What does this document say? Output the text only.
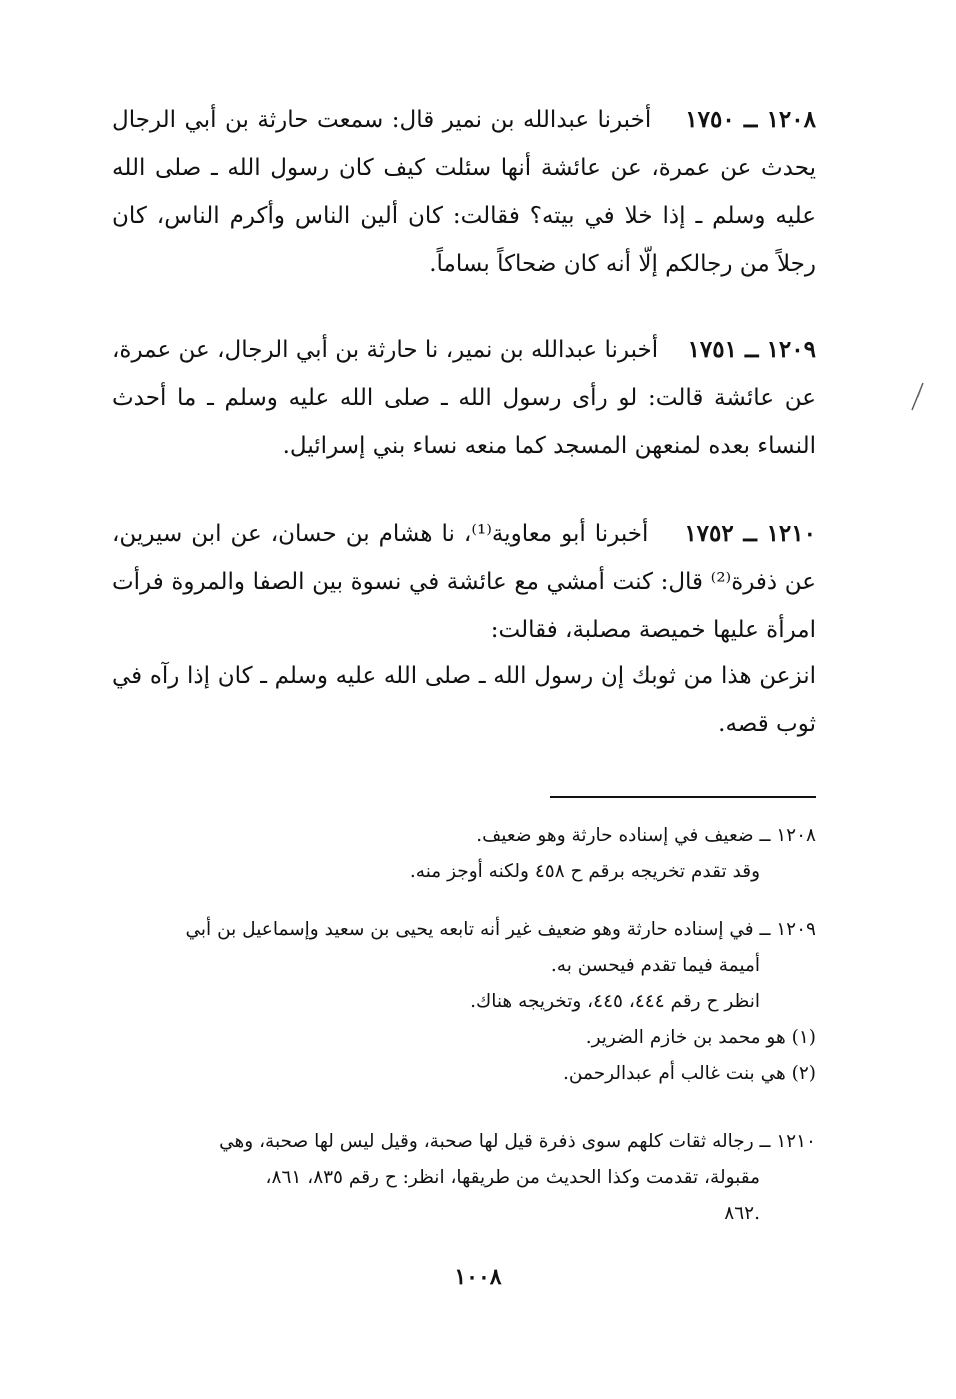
١٢٠٨ ــ ١٧٥٠    أخبرنا عبدالله بن نمير قال: سمعت حارثة بن أبي الرجال يحدث عن عمرة، عن عائشة أنها سئلت كيف كان رسول الله ـ صلى الله عليه وسلم ـ إذا خلا في بيته؟ فقالت: كان ألين الناس وأكرم الناس، كان رجلاً من رجالكم إلّا أنه كان ضحاكاً بساماً.
١٢٠٩ ــ ١٧٥١    أخبرنا عبدالله بن نمير، نا حارثة بن أبي الرجال، عن عمرة، عن عائشة قالت: لو رأى رسول الله ـ صلى الله عليه وسلم ـ ما أحدث النساء بعده لمنعهن المسجد كما منعه نساء بني إسرائيل.
١٢١٠ ــ ١٧٥٢    أخبرنا أبو معاوية⁽¹⁾، نا هشام بن حسان، عن ابن سيرين، عن ذفرة⁽²⁾ قال: كنت أمشي مع عائشة في نسوة بين الصفا والمروة فرأت امرأة عليها خميصة مصلبة، فقالت:
انزعن هذا من ثوبك إن رسول الله ـ صلى الله عليه وسلم ـ كان إذا رآه في ثوب قصه.
١٢٠٨ ــ ضعيف في إسناده حارثة وهو ضعيف.
وقد تقدم تخريجه برقم ح ٤٥٨ ولكنه أوجز منه.
١٢٠٩ ــ في إسناده حارثة وهو ضعيف غير أنه تابعه يحيى بن سعيد وإسماعيل بن أبي
أميمة فيما تقدم فيحسن به.
انظر ح رقم ٤٤٤، ٤٤٥، وتخريجه هناك.
(١) هو محمد بن خازم الضرير.
(٢) هي بنت غالب أم عبدالرحمن.
١٢١٠ ــ رجاله ثقات كلهم سوى ذفرة قيل لها صحبة، وقيل ليس لها صحبة، وهي
مقبولة، تقدمت وكذا الحديث من طريقها، انظر: ح رقم ٨٣٥، ٨٦١،
.٨٦٢
١٠٠٨
